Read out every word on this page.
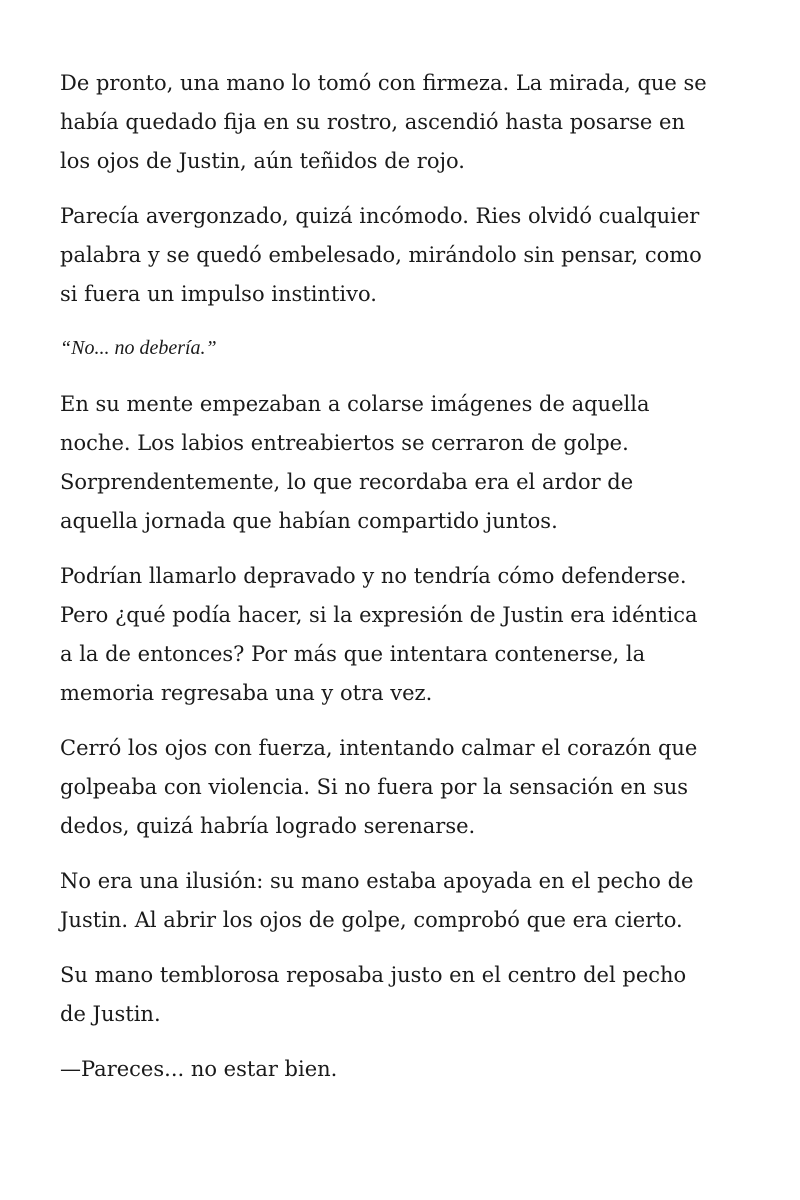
De pronto, una mano lo tomó con firmeza. La mirada, que se
había quedado fija en su rostro, ascendió hasta posarse en
los ojos de Justin, aún teñidos de rojo.

Parecía avergonzado, quizá incómodo. Ries olvidó cualquier
palabra y se quedó embelesado, mirándolo sin pensar, como
si fuera un impulso instintivo.

“No... no debería.”

En su mente empezaban a colarse imágenes de aquella
noche. Los labios entreabiertos se cerraron de golpe.
Sorprendentemente, lo que recordaba era el ardor de
aquella jornada que habían compartido juntos.

Podrían llamarlo depravado y no tendría cómo defenderse.
Pero ¿qué podía hacer, si la expresión de Justin era idéntica
a la de entonces? Por más que intentara contenerse, la
memoria regresaba una y otra vez.

Cerró los ojos con fuerza, intentando calmar el corazón que
golpeaba con violencia. Si no fuera por la sensación en sus
dedos, quizá habría logrado serenarse.

No era una ilusión: su mano estaba apoyada en el pecho de
Justin. Al abrir los ojos de golpe, comprobó que era cierto.

Su mano temblorosa reposaba justo en el centro del pecho
de Justin.

—Pareces... no estar bien.
